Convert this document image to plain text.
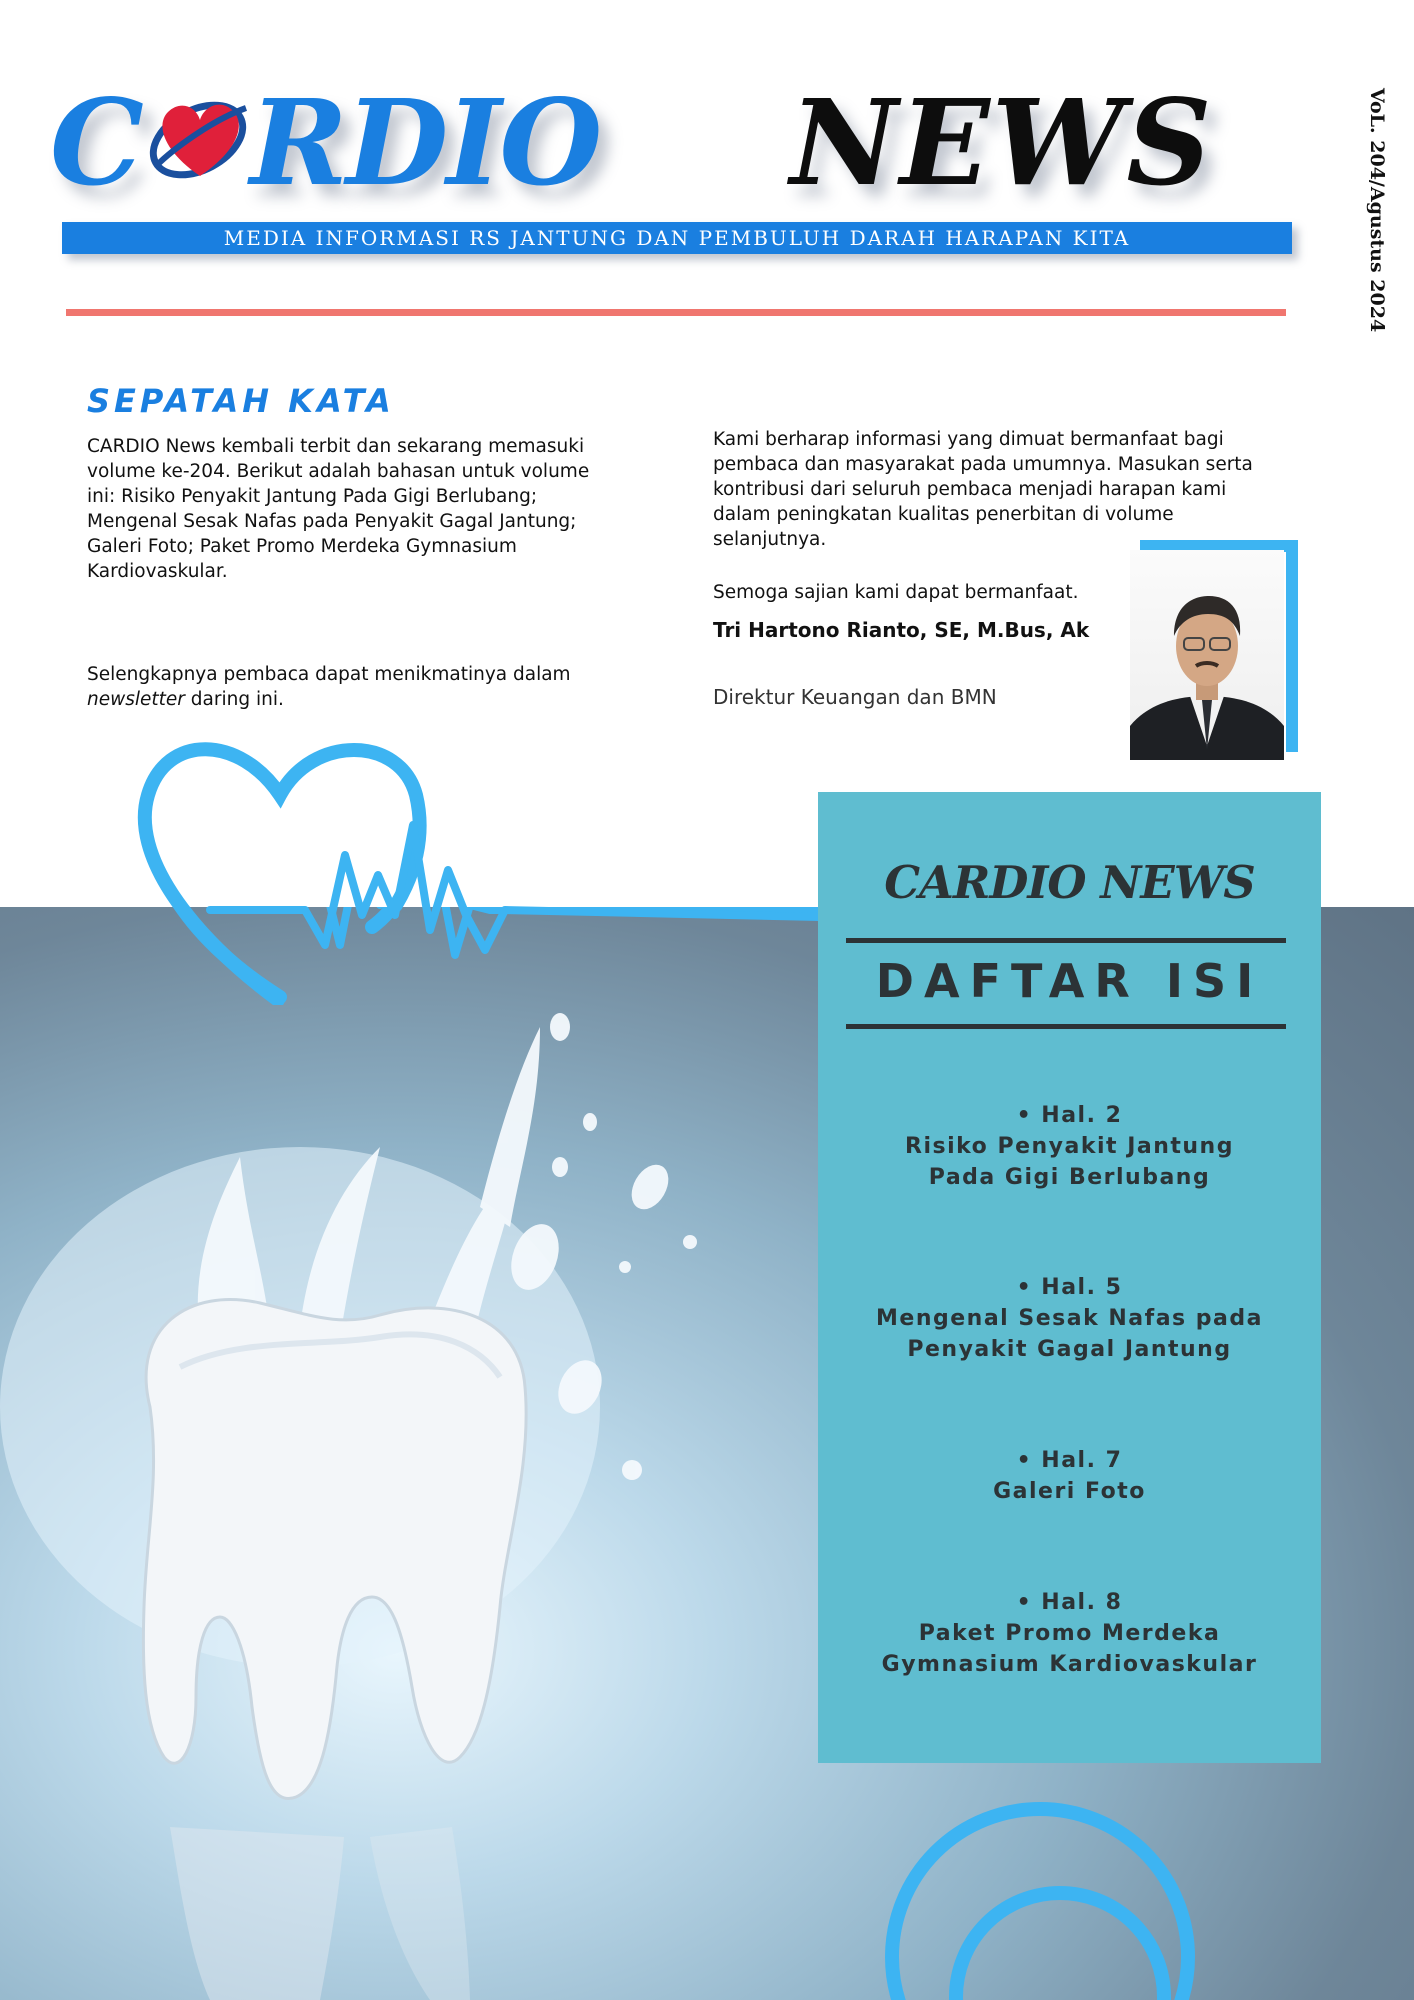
C RDIO NEWS
MEDIA INFORMASI RS JANTUNG DAN PEMBULUH DARAH HARAPAN KITA	VoL. 204/Agustus 2024
SEPATAH KATA
CARDIO News kembali terbit dan sekarang memasuki volume ke-204. Berikut adalah bahasan untuk volume ini: Risiko Penyakit Jantung Pada Gigi Berlubang; Mengenal Sesak Nafas pada Penyakit Gagal Jantung; Galeri Foto; Paket Promo Merdeka Gymnasium Kardiovaskular.
Selengkapnya pembaca dapat menikmatinya dalam newsletter daring ini.
Kami berharap informasi yang dimuat bermanfaat bagi pembaca dan masyarakat pada umumnya. Masukan serta kontribusi dari seluruh pembaca menjadi harapan kami dalam peningkatan kualitas penerbitan di volume selanjutnya.
Semoga sajian kami dapat bermanfaat.
Tri Hartono Rianto, SE, M.Bus, Ak
Direktur Keuangan dan BMN
CARDIO NEWS
DAFTAR ISI
• Hal. 2
Risiko Penyakit Jantung
Pada Gigi Berlubang
• Hal. 5
Mengenal Sesak Nafas pada
Penyakit Gagal Jantung
• Hal. 7
Galeri Foto
• Hal. 8
Paket Promo Merdeka
Gymnasium Kardiovaskular
